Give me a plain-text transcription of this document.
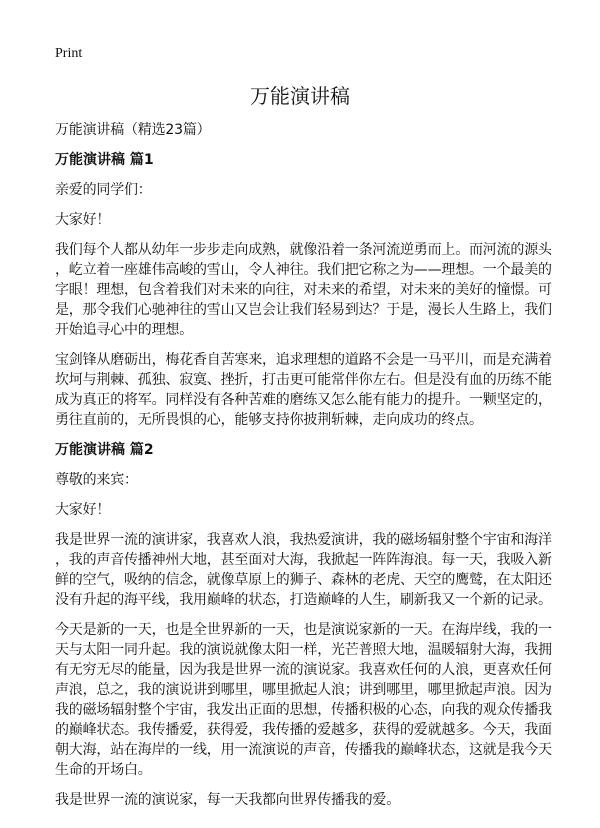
Print
万能演讲稿
万能演讲稿（精选23篇）
万能演讲稿 篇1
亲爱的同学们：
大家好！
我们每个人都从幼年一步步走向成熟，就像沿着一条河流逆勇而上。而河流的源头
，屹立着一座雄伟高峻的雪山，令人神往。我们把它称之为——理想。一个最美的
字眼！理想，包含着我们对未来的向往，对未来的希望，对未来的美好的憧憬。可
是，那令我们心驰神往的雪山又岂会让我们轻易到达？于是，漫长人生路上，我们
开始追寻心中的理想。
宝剑锋从磨砺出，梅花香自苦寒来，追求理想的道路不会是一马平川，而是充满着
坎坷与荆棘、孤独、寂寞、挫折，打击更可能常伴你左右。但是没有血的历练不能
成为真正的将军。同样没有各种苦难的磨练又怎么能有能力的提升。一颗坚定的，
勇往直前的，无所畏惧的心，能够支持你披荆斩棘，走向成功的终点。
万能演讲稿 篇2
尊敬的来宾：
大家好！
我是世界一流的演讲家，我喜欢人浪，我热爱演讲，我的磁场辐射整个宇宙和海洋
，我的声音传播神州大地，甚至面对大海，我掀起一阵阵海浪。每一天，我吸入新
鲜的空气，吸纳的信念，就像草原上的狮子、森林的老虎、天空的鹰鹫，在太阳还
没有升起的海平线，我用巅峰的状态，打造巅峰的人生，刷新我又一个新的记录。
今天是新的一天，也是全世界新的一天，也是演说家新的一天。在海岸线，我的一
天与太阳一同升起。我的演说就像太阳一样，光芒普照大地，温暖辐射大海，我拥
有无穷无尽的能量，因为我是世界一流的演说家。我喜欢任何的人浪，更喜欢任何
声浪，总之，我的演说讲到哪里，哪里掀起人浪；讲到哪里，哪里掀起声浪。因为
我的磁场辐射整个宇宙，我发出正面的思想，传播积极的心态，向我的观众传播我
的巅峰状态。我传播爱，获得爱，我传播的爱越多，获得的爱就越多。今天，我面
朝大海，站在海岸的一线，用一流演说的声音，传播我的巅峰状态，这就是我今天
生命的开场白。
我是世界一流的演说家，每一天我都向世界传播我的爱。
